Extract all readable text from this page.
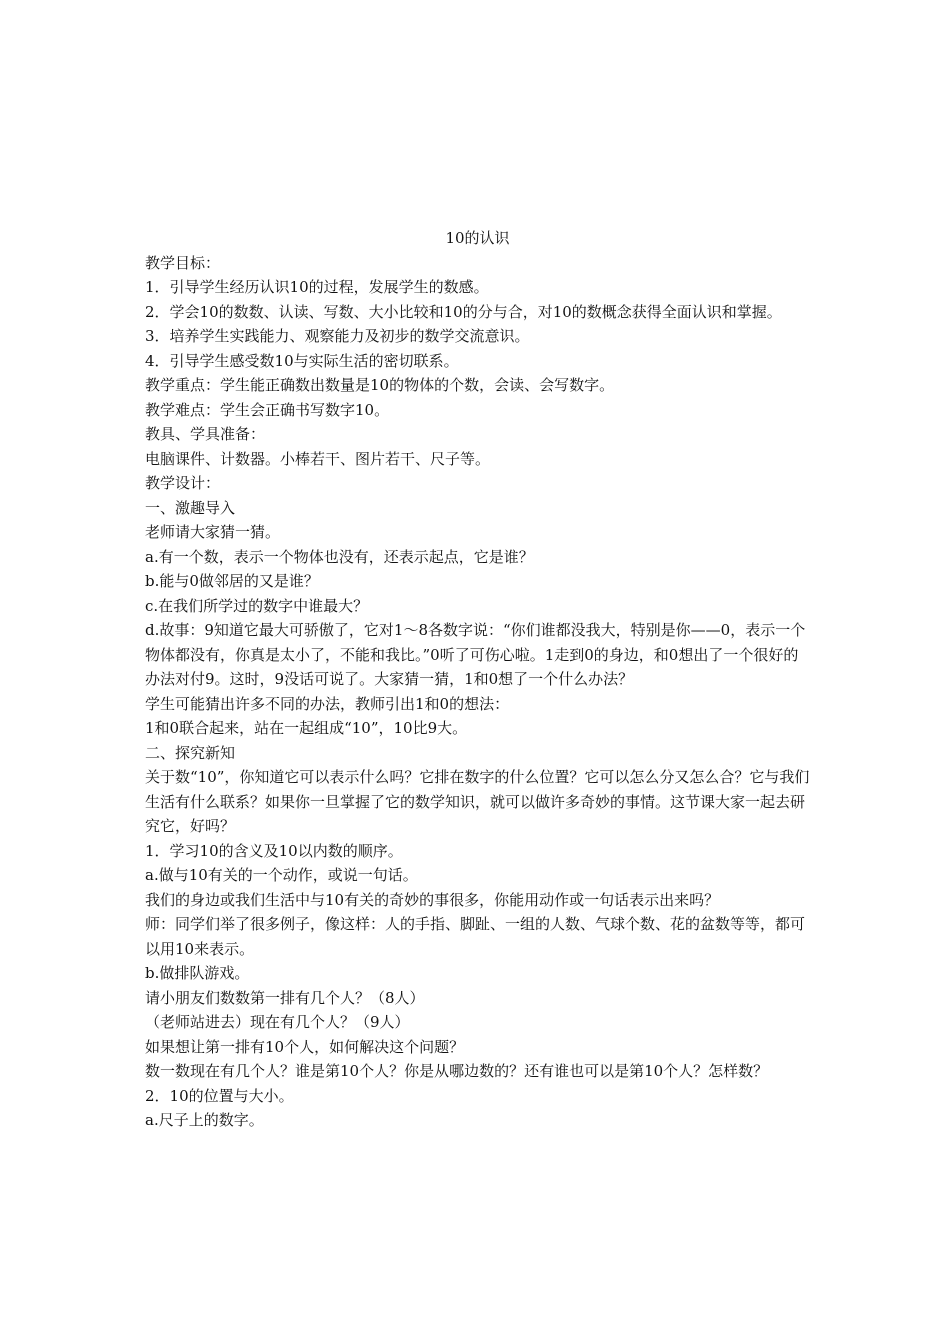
10的认识

教学目标：

1．引导学生经历认识10的过程，发展学生的数感。

2．学会10的数数、认读、写数、大小比较和10的分与合，对10的数概念获得全面认识和掌握。

3．培养学生实践能力、观察能力及初步的数学交流意识。

4．引导学生感受数10与实际生活的密切联系。

教学重点：学生能正确数出数量是10的物体的个数，会读、会写数字。

教学难点：学生会正确书写数字10。

教具、学具准备：

电脑课件、计数器。小棒若干、图片若干、尺子等。

教学设计：

一、激趣导入

老师请大家猜一猜。

a.有一个数，表示一个物体也没有，还表示起点，它是谁？

b.能与0做邻居的又是谁？

c.在我们所学过的数字中谁最大？

d.故事：9知道它最大可骄傲了，它对1～8各数字说：“你们谁都没我大，特别是你——0，表示一个物体都没有，你真是太小了，不能和我比。”0听了可伤心啦。1走到0的身边，和0想出了一个很好的办法对付9。这时，9没话可说了。大家猜一猜，1和0想了一个什么办法？

学生可能猜出许多不同的办法，教师引出1和0的想法：

1和0联合起来，站在一起组成“10”，10比9大。

二、探究新知

关于数“10”，你知道它可以表示什么吗？它排在数字的什么位置？它可以怎么分又怎么合？它与我们生活有什么联系？如果你一旦掌握了它的数学知识，就可以做许多奇妙的事情。这节课大家一起去研究它，好吗？

1．学习10的含义及10以内数的顺序。

a.做与10有关的一个动作，或说一句话。

我们的身边或我们生活中与10有关的奇妙的事很多，你能用动作或一句话表示出来吗？

师：同学们举了很多例子，像这样：人的手指、脚趾、一组的人数、气球个数、花的盆数等等，都可以用10来表示。

b.做排队游戏。

请小朋友们数数第一排有几个人？（8人）

（老师站进去）现在有几个人？（9人）

如果想让第一排有10个人，如何解决这个问题？

数一数现在有几个人？谁是第10个人？你是从哪边数的？还有谁也可以是第10个人？怎样数？

2．10的位置与大小。

a.尺子上的数字。
